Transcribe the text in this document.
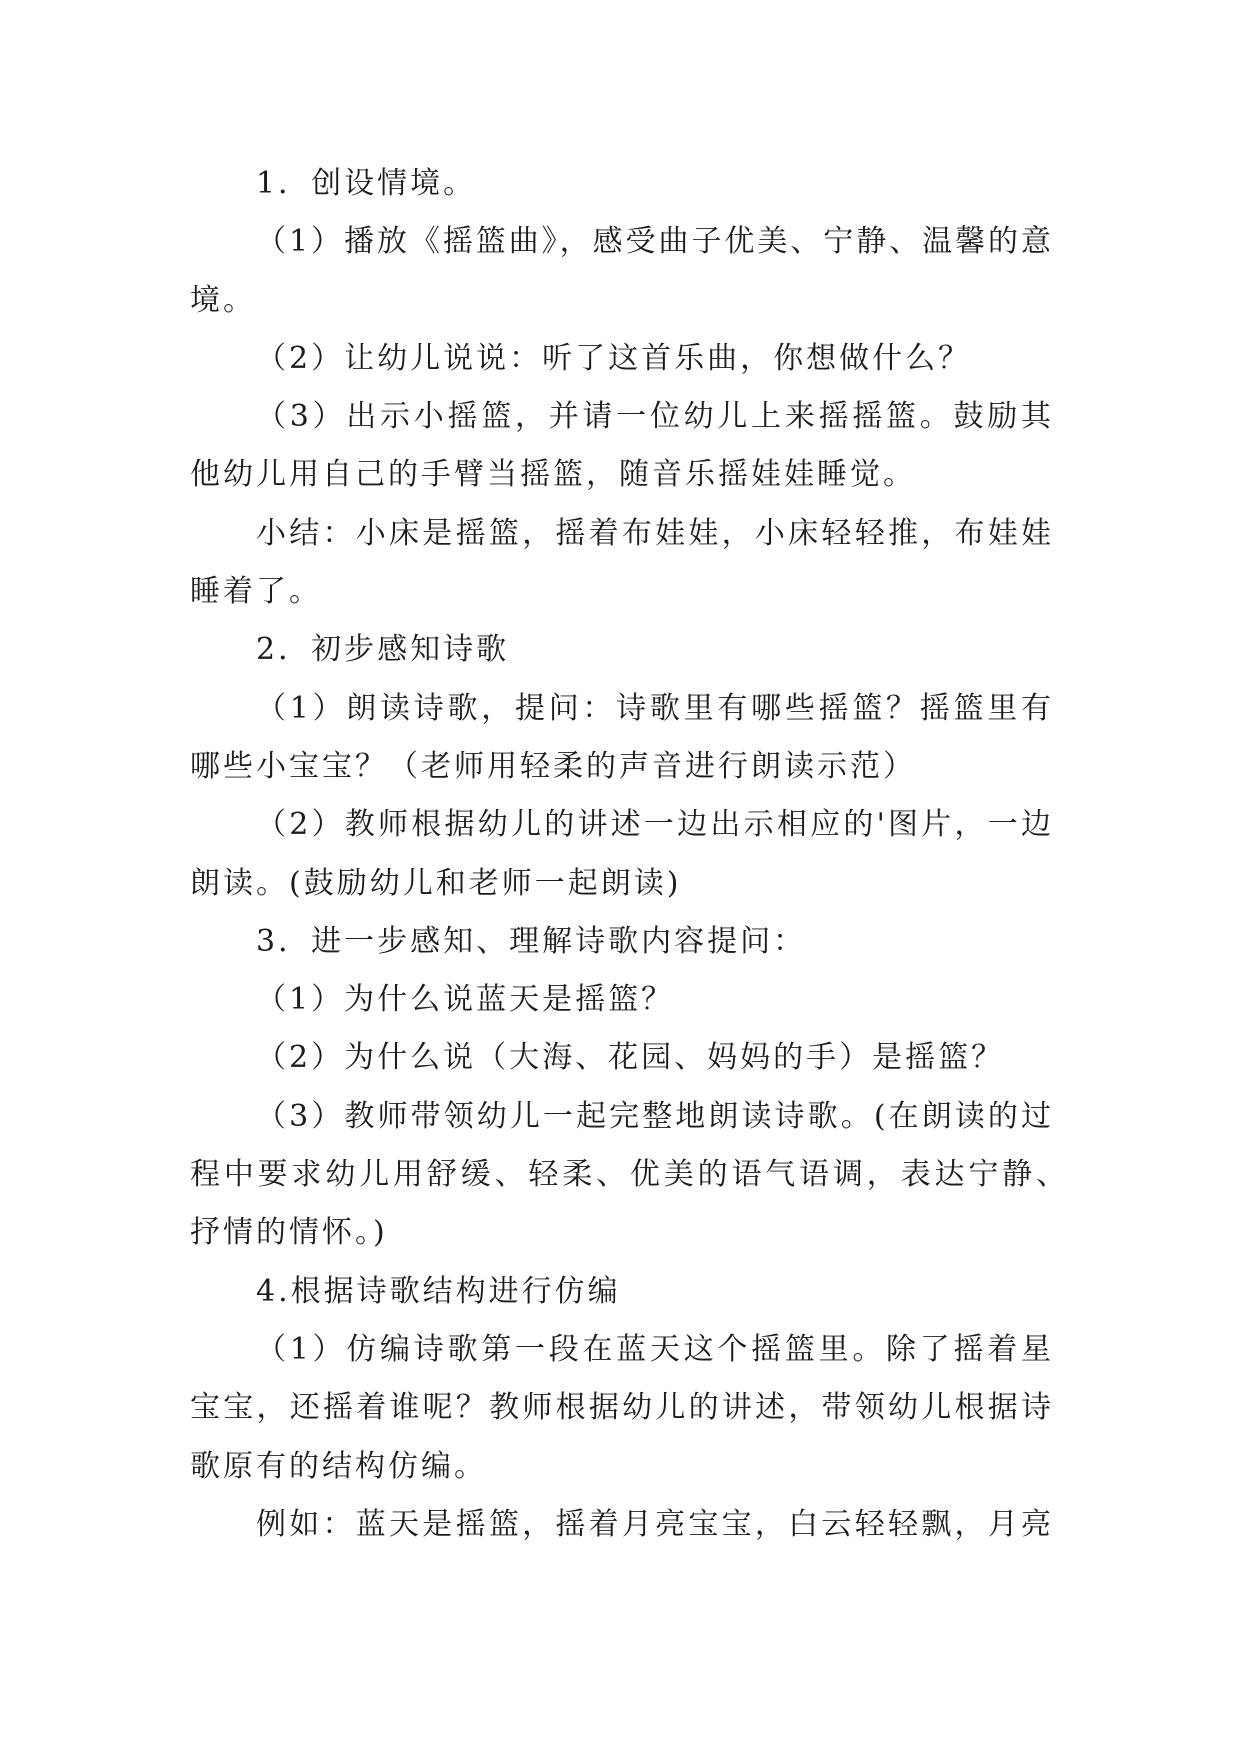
1．创设情境。
（1）播放《摇篮曲》，感受曲子优美、宁静、温馨的意
境。
（2）让幼儿说说：听了这首乐曲，你想做什么？
（3）出示小摇篮，并请一位幼儿上来摇摇篮。鼓励其
他幼儿用自己的手臂当摇篮，随音乐摇娃娃睡觉。
小结：小床是摇篮，摇着布娃娃，小床轻轻推，布娃娃
睡着了。
2．初步感知诗歌
（1）朗读诗歌，提问：诗歌里有哪些摇篮？摇篮里有
哪些小宝宝？（老师用轻柔的声音进行朗读示范）
（2）教师根据幼儿的讲述一边出示相应的'图片，一边
朗读。(鼓励幼儿和老师一起朗读)
3．进一步感知、理解诗歌内容提问：
（1）为什么说蓝天是摇篮？
（2）为什么说（大海、花园、妈妈的手）是摇篮？
（3）教师带领幼儿一起完整地朗读诗歌。(在朗读的过
程中要求幼儿用舒缓、轻柔、优美的语气语调，表达宁静、
抒情的情怀。)
4.根据诗歌结构进行仿编
（1）仿编诗歌第一段在蓝天这个摇篮里。除了摇着星
宝宝，还摇着谁呢？教师根据幼儿的讲述，带领幼儿根据诗
歌原有的结构仿编。
例如：蓝天是摇篮，摇着月亮宝宝，白云轻轻飘，月亮
